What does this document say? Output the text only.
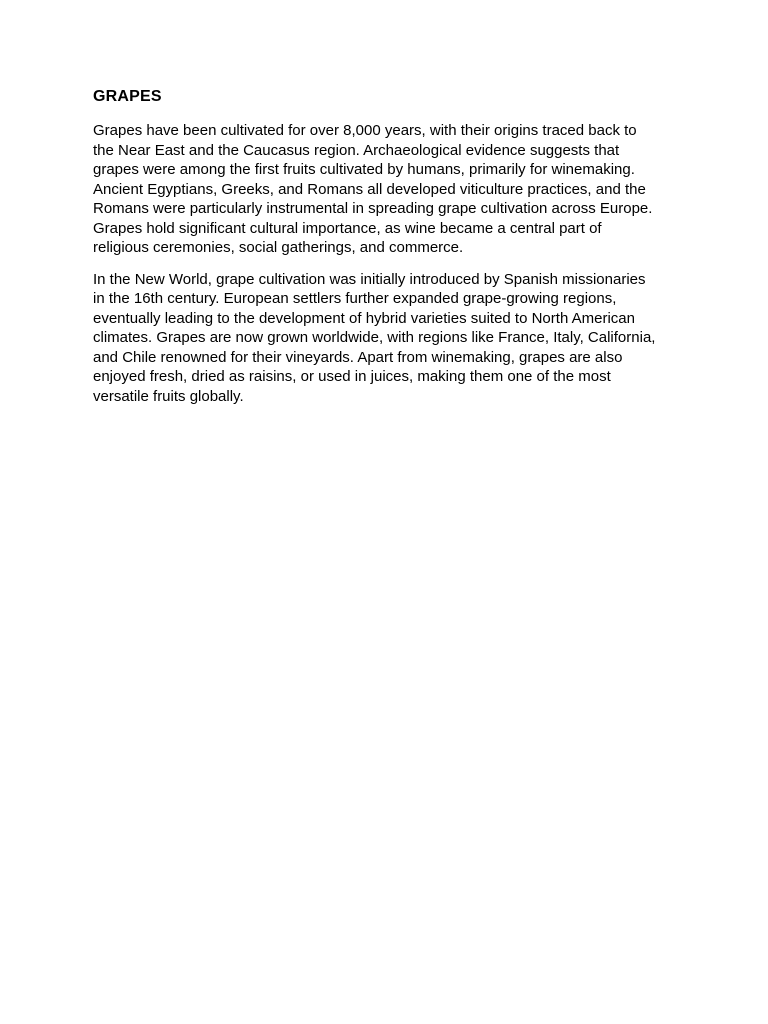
GRAPES
Grapes have been cultivated for over 8,000 years, with their origins traced back to
the Near East and the Caucasus region. Archaeological evidence suggests that
grapes were among the first fruits cultivated by humans, primarily for winemaking.
Ancient Egyptians, Greeks, and Romans all developed viticulture practices, and the
Romans were particularly instrumental in spreading grape cultivation across Europe.
Grapes hold significant cultural importance, as wine became a central part of
religious ceremonies, social gatherings, and commerce.
In the New World, grape cultivation was initially introduced by Spanish missionaries
in the 16th century. European settlers further expanded grape-growing regions,
eventually leading to the development of hybrid varieties suited to North American
climates. Grapes are now grown worldwide, with regions like France, Italy, California,
and Chile renowned for their vineyards. Apart from winemaking, grapes are also
enjoyed fresh, dried as raisins, or used in juices, making them one of the most
versatile fruits globally.
